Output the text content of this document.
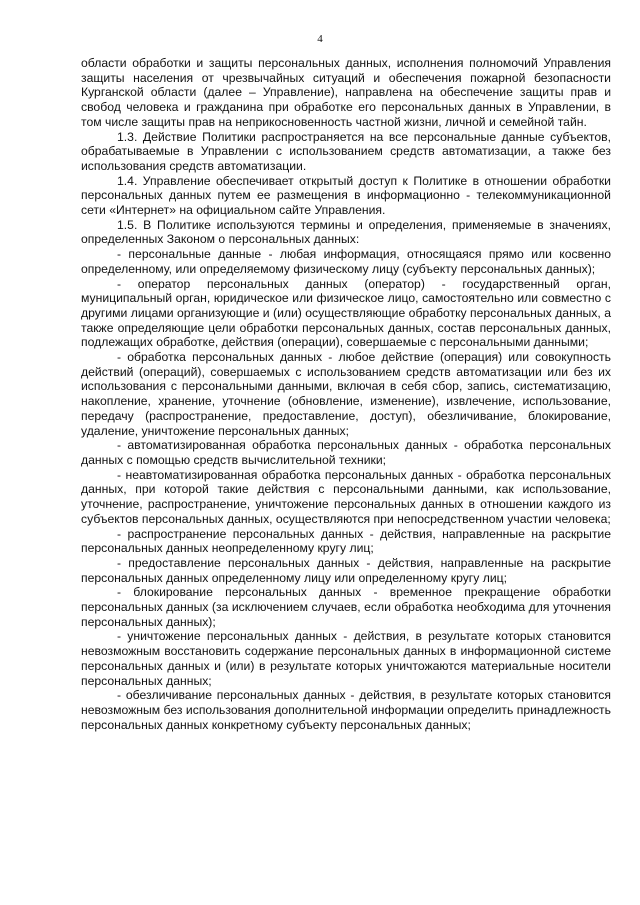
4

области обработки и защиты персональных данных, исполнения полномочий Управления защиты населения от чрезвычайных ситуаций и обеспечения пожарной безопасности Курганской области (далее – Управление), направлена на обеспечение защиты прав и свобод человека и гражданина при обработке его персональных данных в Управлении, в том числе защиты прав на неприкосновенность частной жизни, личной и семейной тайн.

1.3. Действие Политики распространяется на все персональные данные субъектов, обрабатываемые в Управлении с использованием средств автоматизации, а также без использования средств автоматизации.

1.4. Управление обеспечивает открытый доступ к Политике в отношении обработки персональных данных путем ее размещения в информационно - телекоммуникационной сети «Интернет» на официальном сайте Управления.

1.5. В Политике используются термины и определения, применяемые в значениях, определенных Законом о персональных данных:

- персональные данные - любая информация, относящаяся прямо или косвенно определенному, или определяемому физическому лицу (субъекту персональных данных);

- оператор персональных данных (оператор) - государственный орган, муниципальный орган, юридическое или физическое лицо, самостоятельно или совместно с другими лицами организующие и (или) осуществляющие обработку персональных данных, а также определяющие цели обработки персональных данных, состав персональных данных, подлежащих обработке, действия (операции), совершаемые с персональными данными;

- обработка персональных данных - любое действие (операция) или совокупность действий (операций), совершаемых с использованием средств автоматизации или без их использования с персональными данными, включая в себя сбор, запись, систематизацию, накопление, хранение, уточнение (обновление, изменение), извлечение, использование, передачу (распространение, предоставление, доступ), обезличивание, блокирование, удаление, уничтожение персональных данных;

- автоматизированная обработка персональных данных - обработка персональных данных с помощью средств вычислительной техники;

- неавтоматизированная обработка персональных данных - обработка персональных данных, при которой такие действия с персональными данными, как использование, уточнение, распространение, уничтожение персональных данных в отношении каждого из субъектов персональных данных, осуществляются при непосредственном участии человека;

- распространение персональных данных - действия, направленные на раскрытие персональных данных неопределенному кругу лиц;

- предоставление персональных данных - действия, направленные на раскрытие персональных данных определенному лицу или определенному кругу лиц;

- блокирование персональных данных - временное прекращение обработки персональных данных (за исключением случаев, если обработка необходима для уточнения персональных данных);

- уничтожение персональных данных - действия, в результате которых становится невозможным восстановить содержание персональных данных в информационной системе персональных данных и (или) в результате которых уничтожаются материальные носители персональных данных;

- обезличивание персональных данных - действия, в результате которых становится невозможным без использования дополнительной информации определить принадлежность персональных данных конкретному субъекту персональных данных;
